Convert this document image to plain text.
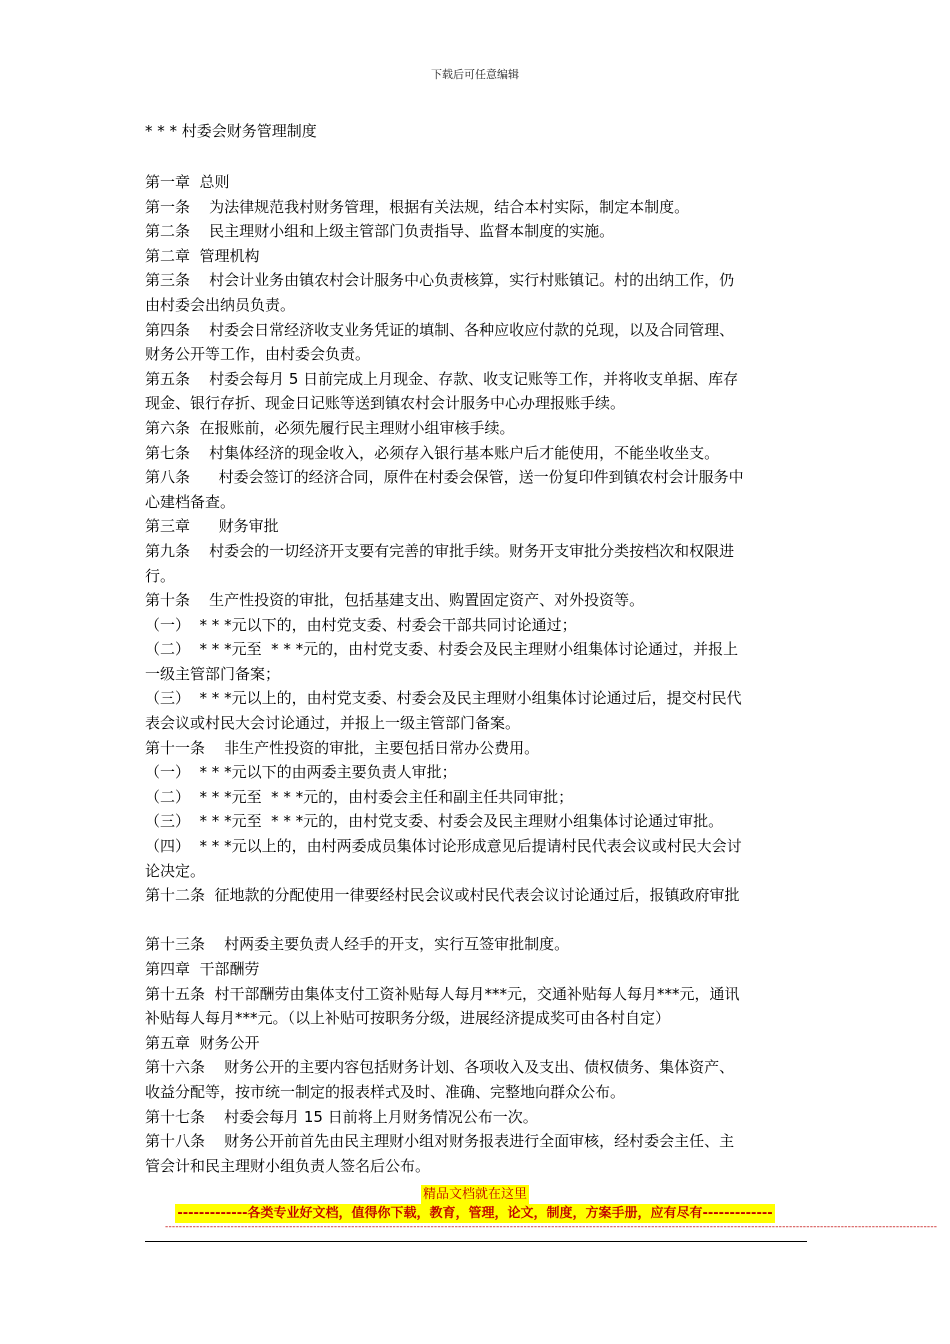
下载后可任意编辑
* * * 村委会财务管理制度
第一章  总则
第一条    为法律规范我村财务管理，根据有关法规，结合本村实际，制定本制度。
第二条    民主理财小组和上级主管部门负责指导、监督本制度的实施。
第二章  管理机构
第三条    村会计业务由镇农村会计服务中心负责核算，实行村账镇记。村的出纳工作，仍
由村委会出纳员负责。
第四条    村委会日常经济收支业务凭证的填制、各种应收应付款的兑现，以及合同管理、
财务公开等工作，由村委会负责。
第五条    村委会每月 5 日前完成上月现金、存款、收支记账等工作，并将收支单据、库存
现金、银行存折、现金日记账等送到镇农村会计服务中心办理报账手续。
第六条  在报账前，必须先履行民主理财小组审核手续。
第七条    村集体经济的现金收入，必须存入银行基本账户后才能使用，不能坐收坐支。
第八条      村委会签订的经济合同，原件在村委会保管，送一份复印件到镇农村会计服务中
心建档备查。
第三章      财务审批
第九条    村委会的一切经济开支要有完善的审批手续。财务开支审批分类按档次和权限进
行。
第十条    生产性投资的审批，包括基建支出、购置固定资产、对外投资等。
（一）  * * *元以下的，由村党支委、村委会干部共同讨论通过；
（二）  * * *元至  * * *元的，由村党支委、村委会及民主理财小组集体讨论通过，并报上
一级主管部门备案；
（三）  * * *元以上的，由村党支委、村委会及民主理财小组集体讨论通过后，提交村民代
表会议或村民大会讨论通过，并报上一级主管部门备案。
第十一条    非生产性投资的审批，主要包括日常办公费用。
（一）  * * *元以下的由两委主要负责人审批；
（二）  * * *元至  * * *元的，由村委会主任和副主任共同审批；
（三）  * * *元至  * * *元的，由村党支委、村委会及民主理财小组集体讨论通过审批。
（四）  * * *元以上的，由村两委成员集体讨论形成意见后提请村民代表会议或村民大会讨
论决定。
第十二条  征地款的分配使用一律要经村民会议或村民代表会议讨论通过后，报镇政府审批
第十三条    村两委主要负责人经手的开支，实行互签审批制度。
第四章  干部酬劳
第十五条  村干部酬劳由集体支付工资补贴每人每月***元，交通补贴每人每月***元，通讯
补贴每人每月***元。（以上补贴可按职务分级，进展经济提成奖可由各村自定）
第五章  财务公开
第十六条    财务公开的主要内容包括财务计划、各项收入及支出、债权债务、集体资产、
收益分配等，按市统一制定的报表样式及时、准确、完整地向群众公布。
第十七条    村委会每月 15 日前将上月财务情况公布一次。
第十八条    财务公开前首先由民主理财小组对财务报表进行全面审核，经村委会主任、主
管会计和民主理财小组负责人签名后公布。
精品文档就在这里
-------------各类专业好文档，值得你下载，教育，管理，论文，制度，方案手册，应有尽有-------------
--------------------------------------------------------------------------------------------------------------------------------------------------------------------------------------------------------------------------------
